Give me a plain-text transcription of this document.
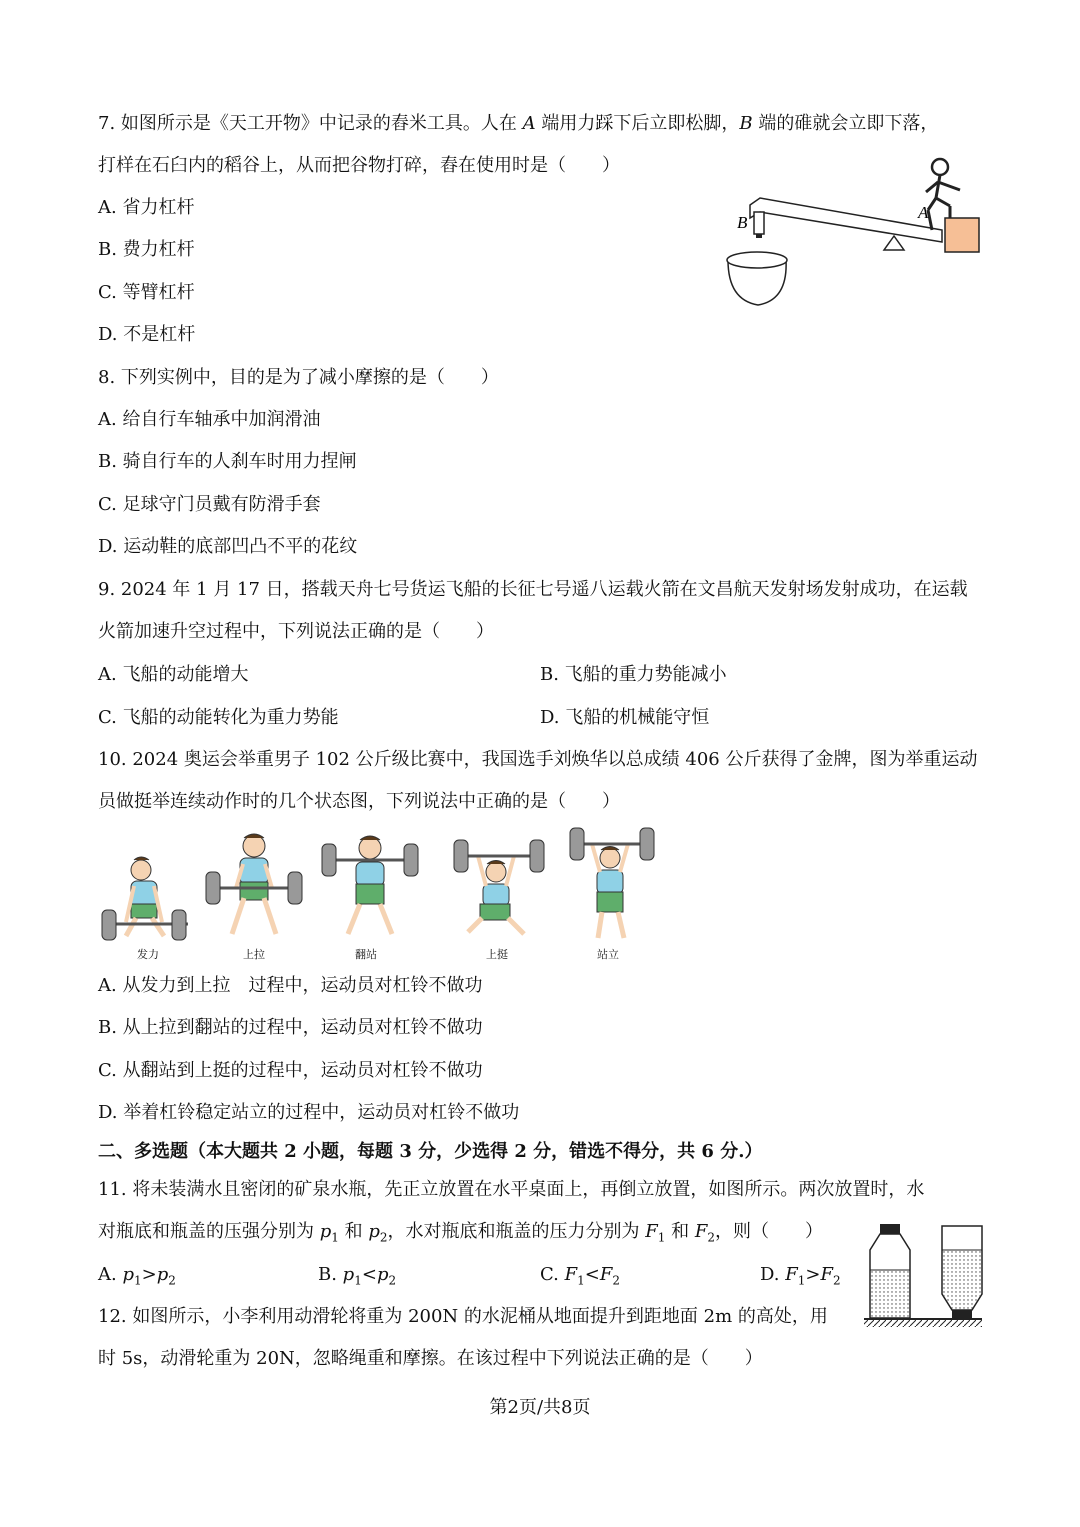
7. 如图所示是《天工开物》中记录的舂米工具。人在 A 端用力踩下后立即松脚，B 端的碓就会立即下落，
打样在石臼内的稻谷上，从而把谷物打碎，舂在使用时是（　　）
A. 省力杠杆
B. 费力杠杆
C. 等臂杠杆
D. 不是杠杆
A
B
8. 下列实例中，目的是为了减小摩擦的是（　　）
A. 给自行车轴承中加润滑油
B. 骑自行车的人刹车时用力捏闸
C. 足球守门员戴有防滑手套
D. 运动鞋的底部凹凸不平的花纹
9. 2024 年 1 月 17 日，搭载天舟七号货运飞船的长征七号遥八运载火箭在文昌航天发射场发射成功，在运载
火箭加速升空过程中，下列说法正确的是（　　）
A. 飞船的动能增大	B. 飞船的重力势能减小
C. 飞船的动能转化为重力势能	D. 飞船的机械能守恒
10. 2024 奥运会举重男子 102 公斤级比赛中，我国选手刘焕华以总成绩 406 公斤获得了金牌，图为举重运动
员做挺举连续动作时的几个状态图，下列说法中正确的是（　　）
发力	上拉	翻站	上挺	站立
A. 从发力到上拉　过程中，运动员对杠铃不做功
B. 从上拉到翻站的过程中，运动员对杠铃不做功
C. 从翻站到上挺的过程中，运动员对杠铃不做功
D. 举着杠铃稳定站立的过程中，运动员对杠铃不做功
二、多选题（本大题共 2 小题，每题 3 分，少选得 2 分，错选不得分，共 6 分.）
11. 将未装满水且密闭的矿泉水瓶，先正立放置在水平桌面上，再倒立放置，如图所示。两次放置时，水
对瓶底和瓶盖的压强分别为 $p_1$ 和 $p_2$，水对瓶底和瓶盖的压力分别为 $F_1$ 和 $F_2$，则（　　）
A. $p_1>p_2$	B. $p_1<p_2$	C. $F_1<F_2$	D. $F_1>F_2$
12. 如图所示，小李利用动滑轮将重为 200N 的水泥桶从地面提升到距地面 2m 的高处，用
时 5s，动滑轮重为 20N，忽略绳重和摩擦。在该过程中下列说法正确的是（　　）
第2页/共8页
